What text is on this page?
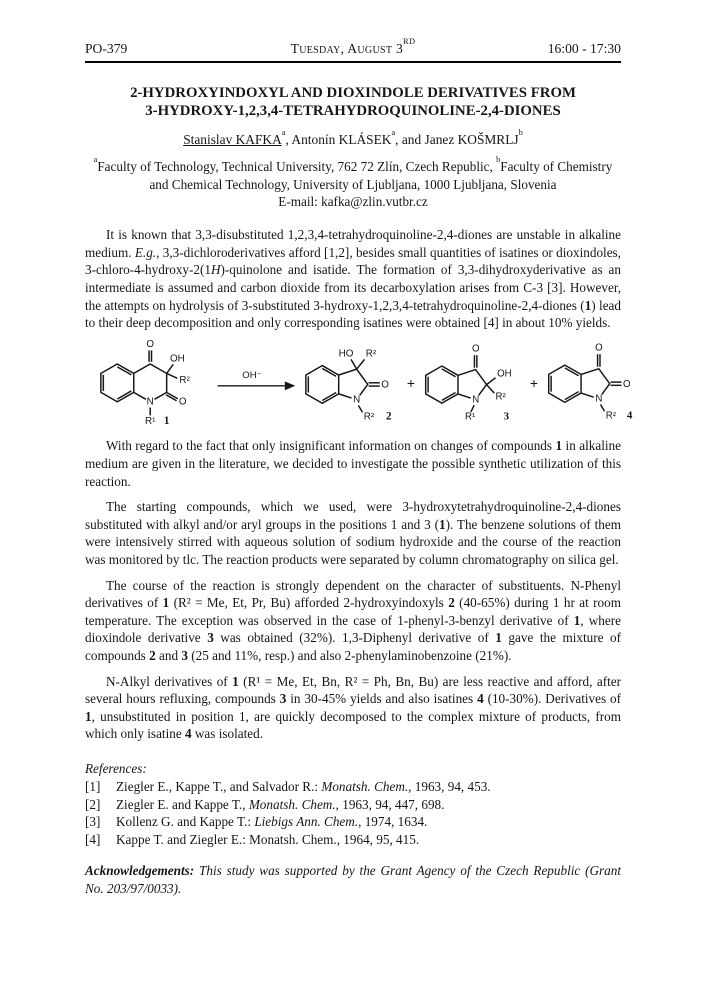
PO-379	Tuesday, August 3RD
16:00 - 17:30
2-HYDROXYINDOXYL AND DIOXINDOLE DERIVATIVES FROM
3-HYDROXY-1,2,3,4-TETRAHYDROQUINOLINE-2,4-DIONES
Stanislav KAFKA$^a$, Antonín KLÁSEK$^a$, and Janez KOŠMRLJ$^b$
$^a$Faculty of Technology, Technical University, 762 72 Zlín, Czech Republic, $^b$Faculty of Chemistry and Chemical Technology, University of Ljubljana, 1000 Ljubljana, Slovenia
E-mail: kafka@zlin.vutbr.cz

It is known that 3,3-disubstituted 1,2,3,4-tetrahydroquinoline-2,4-diones are unstable in alkaline medium. E.g., 3,3-dichloroderivatives afford [1,2], besides small quantities of isatines or dioxindoles, 3-chloro-4-hydroxy-2(1H)-quinolone and isatide. The formation of 3,3-dihydroxyderivative as an intermediate is assumed and carbon dioxide from its decarboxylation arises from C-3 [3]. However, the attempts on hydrolysis of 3-substituted 3-hydroxy-1,2,3,4-tetrahydroquinoline-2,4-diones (1) lead to their deep decomposition and only corresponding isatines were obtained [4] in about 10% yields.

O
OH
R²
O
N
R¹ 1
OH⁻
HO R²
O
N
R² 2
+
O
OH
R²
N
R¹ 3
+
O
O
N
R² 4

With regard to the fact that only insignificant information on changes of compounds 1 in alkaline medium are given in the literature, we decided to investigate the possible synthetic utilization of this reaction.

The starting compounds, which we used, were 3-hydroxytetrahydroquinoline-2,4-diones substituted with alkyl and/or aryl groups in the positions 1 and 3 (1). The benzene solutions of them were intensively stirred with aqueous solution of sodium hydroxide and the course of the reaction was monitored by tlc. The reaction products were separated by column chromatography on silica gel.

The course of the reaction is strongly dependent on the character of substituents. N-Phenyl derivatives of 1 (R² = Me, Et, Pr, Bu) afforded 2-hydroxyindoxyls 2 (40-65%) during 1 hr at room temperature. The exception was observed in the case of 1-phenyl-3-benzyl derivative of 1, where dioxindole derivative 3 was obtained (32%). 1,3-Diphenyl derivative of 1 gave the mixture of compounds 2 and 3 (25 and 11%, resp.) and also 2-phenylaminobenzoine (21%).

N-Alkyl derivatives of 1 (R¹ = Me, Et, Bn, R² = Ph, Bn, Bu) are less reactive and afford, after several hours refluxing, compounds 3 in 30-45% yields and also isatines 4 (10-30%). Derivatives of 1, unsubstituted in position 1, are quickly decomposed to the complex mixture of products, from which only isatine 4 was isolated.

References:
[1]	Ziegler E., Kappe T., and Salvador R.: Monatsh. Chem., 1963, 94, 453.
[2]	Ziegler E. and Kappe T., Monatsh. Chem., 1963, 94, 447, 698.
[3]	Kollenz G. and Kappe T.: Liebigs Ann. Chem., 1974, 1634.
[4]	Kappe T. and Ziegler E.: Monatsh. Chem., 1964, 95, 415.

Acknowledgements: This study was supported by the Grant Agency of the Czech Republic (Grant No. 203/97/0033).
